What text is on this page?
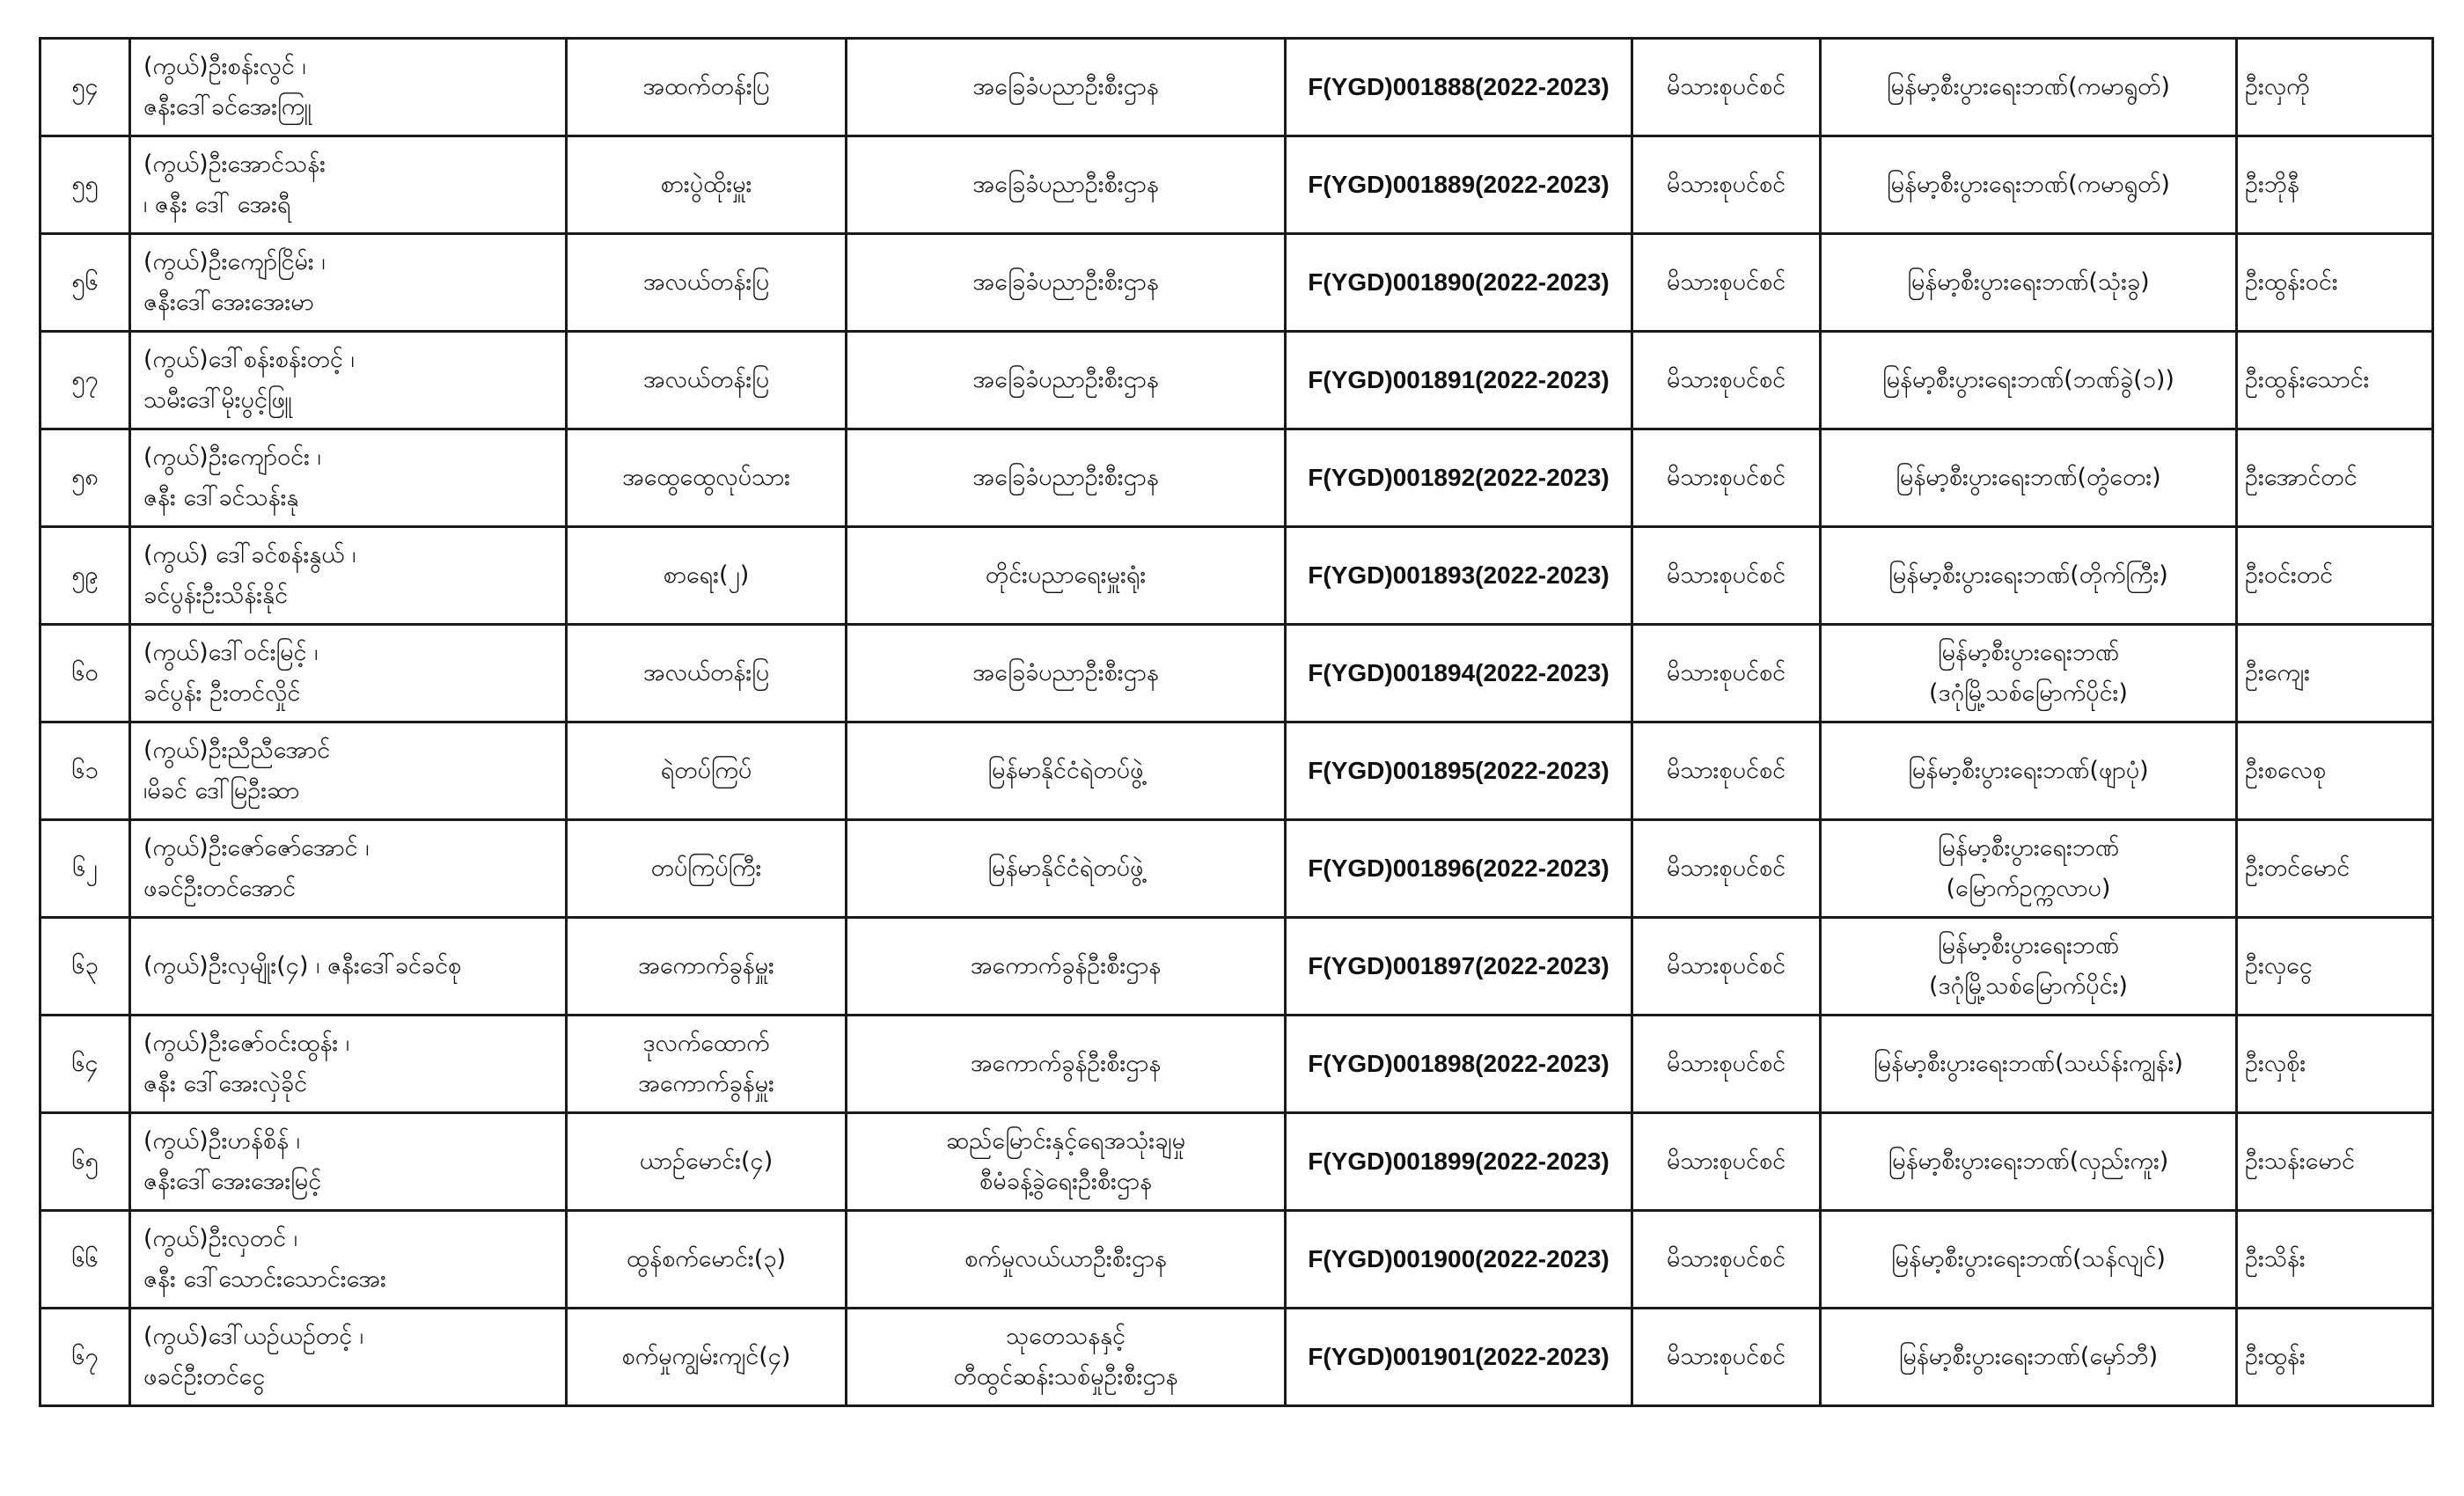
၅၄	(ကွယ်)ဦးစန်းလွင် ၊
ဇနီးဒေါ်ခင်အေးကြူ	အထက်တန်းပြ	အခြေခံပညာဦးစီးဌာန	F(YGD)001888(2022-2023)	မိသားစုပင်စင်	မြန်မာ့စီးပွားရေးဘဏ်(ကမာရွတ်)	ဦးလှကို
၅၅	(ကွယ်)ဦးအောင်သန်း
၊ ဇနီး ဒေါ် အေးရီ	စားပွဲထိုးမှူး	အခြေခံပညာဦးစီးဌာန	F(YGD)001889(2022-2023)	မိသားစုပင်စင်	မြန်မာ့စီးပွားရေးဘဏ်(ကမာရွတ်)	ဦးဘိုနီ
၅၆	(ကွယ်)ဦးကျော်ငြိမ်း ၊
ဇနီးဒေါ်အေးအေးမာ	အလယ်တန်းပြ	အခြေခံပညာဦးစီးဌာန	F(YGD)001890(2022-2023)	မိသားစုပင်စင်	မြန်မာ့စီးပွားရေးဘဏ်(သုံးခွ)	ဦးထွန်းဝင်း
၅၇	(ကွယ်)ဒေါ်စန်းစန်းတင့် ၊
သမီးဒေါ်မိုးပွင့်ဖြူ	အလယ်တန်းပြ	အခြေခံပညာဦးစီးဌာန	F(YGD)001891(2022-2023)	မိသားစုပင်စင်	မြန်မာ့စီးပွားရေးဘဏ်(ဘဏ်ခွဲ(၁))	ဦးထွန်းသောင်း
၅၈	(ကွယ်)ဦးကျော်ဝင်း ၊
ဇနီး ဒေါ်ခင်သန်းနု	အထွေထွေလုပ်သား	အခြေခံပညာဦးစီးဌာန	F(YGD)001892(2022-2023)	မိသားစုပင်စင်	မြန်မာ့စီးပွားရေးဘဏ်(တွံတေး)	ဦးအောင်တင်
၅၉	(ကွယ်) ဒေါ်ခင်စန်းနွယ် ၊
ခင်ပွန်းဦးသိန်းနိုင်	စာရေး(၂)	တိုင်းပညာရေးမှူးရုံး	F(YGD)001893(2022-2023)	မိသားစုပင်စင်	မြန်မာ့စီးပွားရေးဘဏ်(တိုက်ကြီး)	ဦးဝင်းတင်
၆၀	(ကွယ်)ဒေါ်ဝင်းမြင့် ၊
ခင်ပွန်း ဦးတင်လှိုင်	အလယ်တန်းပြ	အခြေခံပညာဦးစီးဌာန	F(YGD)001894(2022-2023)	မိသားစုပင်စင်	မြန်မာ့စီးပွားရေးဘဏ်
(ဒဂုံမြို့သစ်မြောက်ပိုင်း)	ဦးကျေး
၆၁	(ကွယ်)ဦးညီညီအောင်
၊မိခင် ဒေါ်မြဦးဆာ	ရဲတပ်ကြပ်	မြန်မာနိုင်ငံရဲတပ်ဖွဲ့	F(YGD)001895(2022-2023)	မိသားစုပင်စင်	မြန်မာ့စီးပွားရေးဘဏ်(ဖျာပုံ)	ဦးစလေစု
၆၂	(ကွယ်)ဦးဇော်ဇော်အောင် ၊
ဖခင်ဦးတင်အောင်	တပ်ကြပ်ကြီး	မြန်မာနိုင်ငံရဲတပ်ဖွဲ့	F(YGD)001896(2022-2023)	မိသားစုပင်စင်	မြန်မာ့စီးပွားရေးဘဏ်
(မြောက်ဥက္ကလာပ)	ဦးတင်မောင်
၆၃	(ကွယ်)ဦးလှမျိုး(၄) ၊ ဇနီးဒေါ်ခင်ခင်စု	အကောက်ခွန်မှူး	အကောက်ခွန်ဦးစီးဌာန	F(YGD)001897(2022-2023)	မိသားစုပင်စင်	မြန်မာ့စီးပွားရေးဘဏ်
(ဒဂုံမြို့သစ်မြောက်ပိုင်း)	ဦးလှငွေ
၆၄	(ကွယ်)ဦးဇော်ဝင်းထွန်း ၊
ဇနီး ဒေါ်အေးလှဲခိုင်	ဒုလက်ထောက်
အကောက်ခွန်မှူး	အကောက်ခွန်ဦးစီးဌာန	F(YGD)001898(2022-2023)	မိသားစုပင်စင်	မြန်မာ့စီးပွားရေးဘဏ်(သဃ်န်းကျွန်း)	ဦးလှစိုး
၆၅	(ကွယ်)ဦးဟန်စိန် ၊
ဇနီးဒေါ်အေးအေးမြင့်	ယာဉ်မောင်း(၄)	ဆည်မြောင်းနှင့်ရေအသုံးချမှု
စီမံခန့်ခွဲရေးဦးစီးဌာန	F(YGD)001899(2022-2023)	မိသားစုပင်စင်	မြန်မာ့စီးပွားရေးဘဏ်(လှည်းကူး)	ဦးသန်းမောင်
၆၆	(ကွယ်)ဦးလှတင် ၊
ဇနီး ဒေါ်သောင်းသောင်းအေး	ထွန်စက်မောင်း(၃)	စက်မှုလယ်ယာဦးစီးဌာန	F(YGD)001900(2022-2023)	မိသားစုပင်စင်	မြန်မာ့စီးပွားရေးဘဏ်(သန်လျင်)	ဦးသိန်း
၆၇	(ကွယ်)ဒေါ်ယဉ်ယဉ်တင့် ၊
ဖခင်ဦးတင်ငွေ	စက်မှုကျွမ်းကျင်(၄)	သုတေသနနှင့်
တီထွင်ဆန်းသစ်မှုဦးစီးဌာန	F(YGD)001901(2022-2023)	မိသားစုပင်စင်	မြန်မာ့စီးပွားရေးဘဏ်(မှော်ဘီ)	ဦးထွန်း
